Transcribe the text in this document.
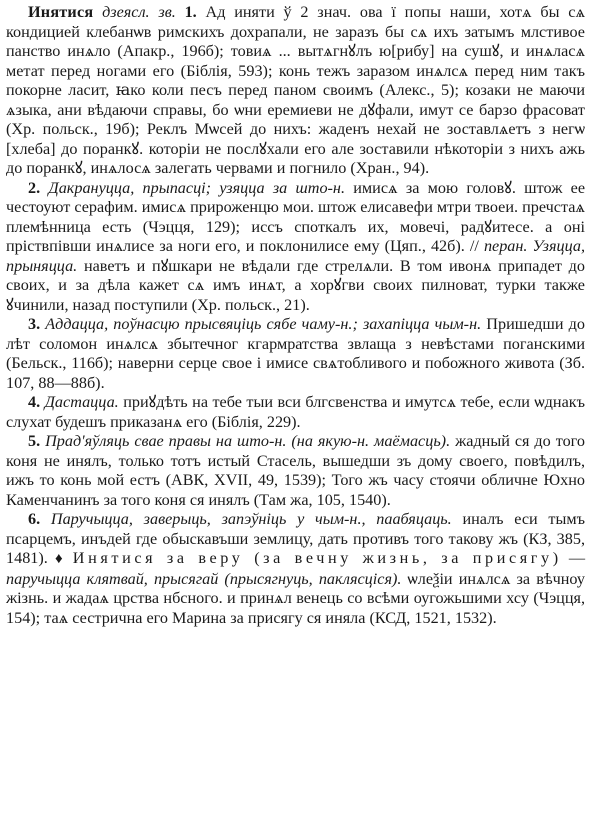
Инятися дзеясл. зв. 1. Ад иняти ў 2 знач. ова ї попы наши, хотѧ бы сѧ кондицией клебанѡв римскихъ дохрапали, не заразъ бы сѧ ихъ затымъ млстивое панство инѧло (Апакр., 196б); товиѧ ... вытѧгнꙋлъ ю[рибу] на сушꙋ, и инѧласѧ метат перед ногами его (Біблія, 593); конь тежъ заразом инѧлсѧ перед ним такъ покорне ласит, ꙗко коли песъ перед паном своимъ (Алекс., 5); козаки не маючи ѧзыка, ани вѣдаючи справы, бо ѡни еремиеви не дꙋфали, имут се барзо фрасоват (Хр. польск., 19б); Реклъ Мѡсей до нихъ: жаденъ нехай не зоставлѧетъ з негѡ [хлеба] до поранкꙋ. которіи не послꙋхали его але зоставили нѣкоторіи з нихъ ажь до поранкꙋ, инѧлосѧ залегать червами и погнило (Хран., 94).

2. Дакрануцца, прыпасці; узяцца за што-н. имисѧ за мою головꙋ. штож ее честоуют серафим. имисѧ прироженцю мои. штож елисавефи мтри твоеи. пречстаѧ племѣнница есть (Чэцця, 129); иссъ споткалъ их, мовечі, радꙋитесе. а оні пріствпівши инѧлисе за ноги его, и поклонилисе ему (Цяп., 42б). // перан. Узяцца, прыняцца. наветъ и пꙋшкари не вѣдали где стрелѧли. В том ивонѧ припадет до своих, и за дѣла кажет сѧ имъ инѧт, а хорꙋгви своих пилноват, турки также ꙋчинили, назад поступили (Хр. польск., 21).

3. Аддацца, поўнасцю прысвяціць сябе чаму-н.; захапіцца чым-н. Пришедши до лѣт соломон инѧлсѧ збытечног кгармратства звлаща з невѣстами поганскими (Бельск., 116б); наверни серце свое і имисе свѧтобливого и побожного живота (Зб. 107, 88—88б).

4. Дастацца. приꙋдѣть на тебе тыи вси блгсвенства и имутсѧ тебе, если ѡднакъ слухат будешъ приказанѧ его (Біблія, 229).

5. Прад'яўляць свае правы на што-н. (на якую-н. маёмасць). жадный ся до того коня не инялъ, только тотъ истый Стасель, вышедши зъ дому своего, повѣдилъ, ижъ то конь мой естъ (АВК, XVII, 49, 1539); Того жъ часу стоячи обличне Юхно Каменчанинъ за того коня ся инялъ (Там жа, 105, 1540).

6. Паручыцца, заверыць, запэўніць у чым-н., паабяцаць. иналъ еси тымъ псарцемъ, инъдей где обыскавъши землицу, дать противъ того такову жъ (КЗ, 385, 1481). ♦ Инятися за веру (за вечну жизнь, за присягу) — паручыцца клятвай, прысягай (прысягнуць, паклясціся). ѡлеѯіи инѧлсѧ за вѣчноу жізнь. и жадаѧ црства нбсного. и принѧл венець со всѣми оугожьшими хсу (Чэцця, 154); таѧ сестрична его Марина за присягу ся иняла (КСД, 1521, 1532).
